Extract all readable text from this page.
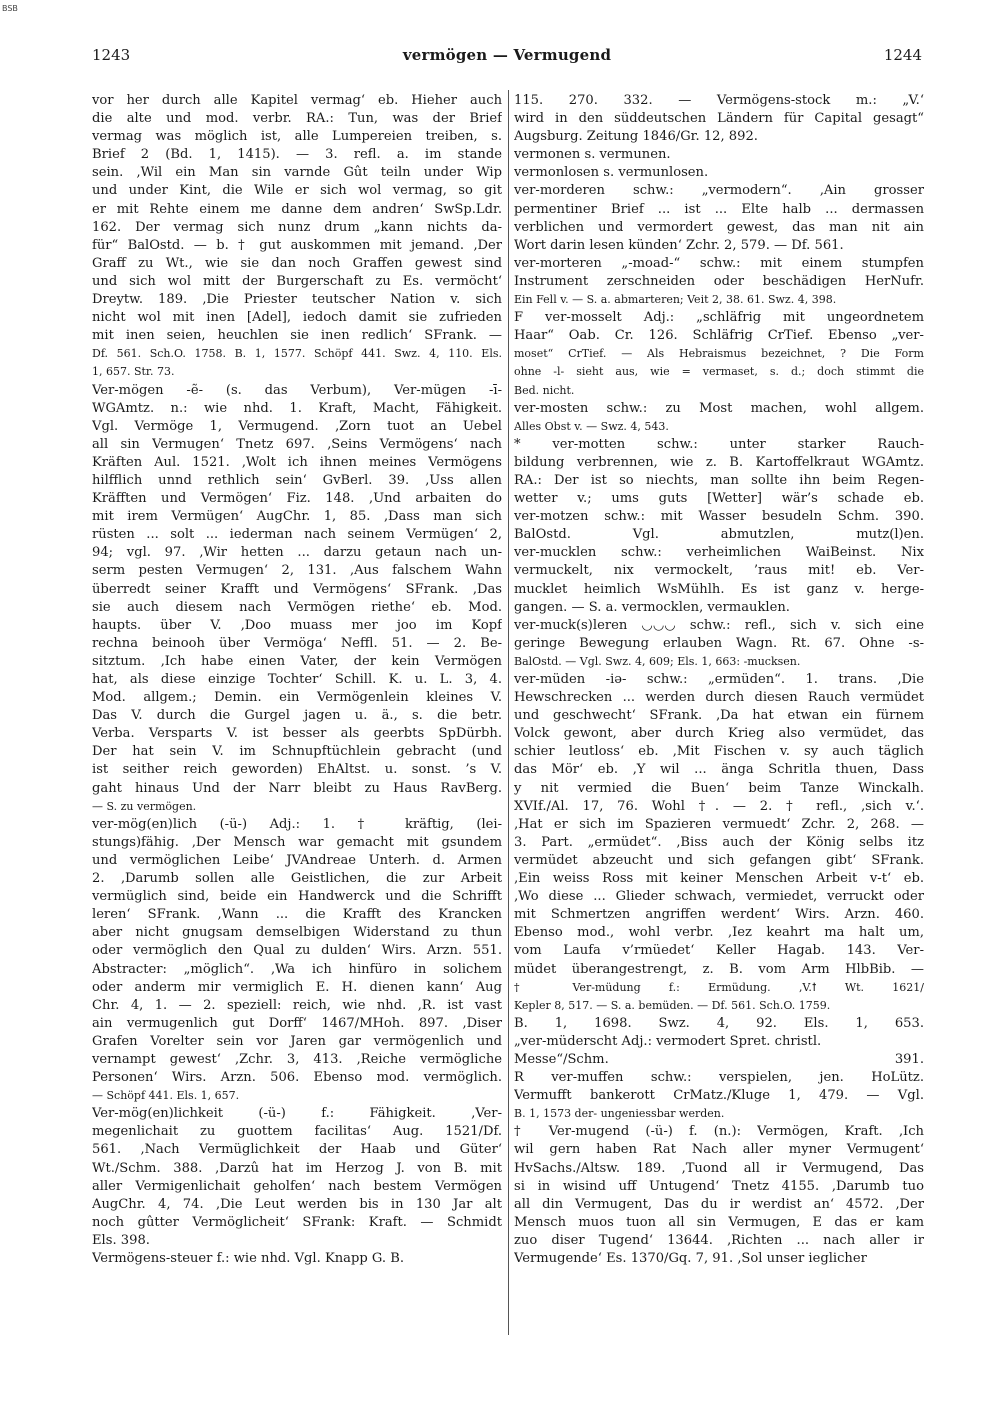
BSB
1243	vermögen — Vermugend	1244
vor her durch alle Kapitel vermag‘ eb. Hieher auch
die alte und mod. verbr. RA.: Tun, was der Brief
vermag was möglich ist, alle Lumpereien treiben, s.
Brief 2 (Bd. 1, 1415). — 3. refl. a. im stande
sein. ‚Wil ein Man sin varnde Gût teiln under Wip
und under Kint, die Wile er sich wol vermag, so git
er mit Rehte einem me danne dem andren‘ SwSp.Ldr.
162. Der vermag sich nunz drum „kann nichts da-
für“ BalOstd. — b. † gut auskommen mit jemand. ‚Der
Graff zu Wt., wie sie dan noch Graffen gewest sind
und sich wol mitt der Burgerschaft zu Es. vermöcht‘
Dreytw. 189. ‚Die Priester teutscher Nation v. sich
nicht wol mit inen [Adel], iedoch damit sie zufrieden
mit inen seien, heuchlen sie inen redlich‘ SFrank. —
Df. 561. Sch.O. 1758. B. 1, 1577. Schöpf 441. Swz. 4, 110. Els.
1, 657. Str. 73.
Ver-mögen -ẽ- (s. das Verbum), Ver-mügen -ī-
WGAmtz. n.: wie nhd. 1. Kraft, Macht, Fähigkeit.
Vgl. Vermöge 1, Vermugend. ‚Zorn tuot an Uebel
all sin Vermugen‘ Tnetz 697. ‚Seins Vermögens‘ nach
Kräften Aul. 1521. ‚Wolt ich ihnen meines Vermögens
hilfflich unnd rethlich sein‘ GvBerl. 39. ‚Uss allen
Kräfften und Vermögen‘ Fiz. 148. ‚Und arbaiten do
mit irem Vermügen‘ AugChr. 1, 85. ‚Dass man sich
rüsten ... solt ... iederman nach seinem Vermügen‘ 2,
94; vgl. 97. ‚Wir hetten ... darzu getaun nach un-
serm pesten Vermugen‘ 2, 131. ‚Aus falschem Wahn
überredt seiner Krafft und Vermögens‘ SFrank. ‚Das
sie auch diesem nach Vermögen riethe‘ eb. Mod.
haupts. über V. ‚Doo muass mer joo im Kopf
rechna beinooh über Vermöga‘ Neffl. 51. — 2. Be-
sitztum. ‚Ich habe einen Vater, der kein Vermögen
hat, als diese einzige Tochter‘ Schill. K. u. L. 3, 4.
Mod. allgem.; Demin. ein Vermögenlein kleines V.
Das V. durch die Gurgel jagen u. ä., s. die betr.
Verba. Versparts V. ist besser als geerbts SpDürbh.
Der hat sein V. im Schnupftüchlein gebracht (und
ist seither reich geworden) EhAltst. u. sonst. ’s V.
gaht hinaus Und der Narr bleibt zu Haus RavBerg.
— S. zu vermögen.
ver-mög(en)lich (-ü-) Adj.: 1. † kräftig, (lei-
stungs)fähig. ‚Der Mensch war gemacht mit gsundem
und vermöglichen Leibe‘ JVAndreae Unterh. d. Armen
2. ‚Darumb sollen alle Geistlichen, die zur Arbeit
vermüglich sind, beide ein Handwerck und die Schrifft
leren‘ SFrank. ‚Wann ... die Krafft des Krancken
aber nicht gnugsam demselbigen Widerstand zu thun
oder vermöglich den Qual zu dulden‘ Wirs. Arzn. 551.
Abstracter: „möglich“. ‚Wa ich hinfüro in solichem
oder anderm mir vermiglich E. H. dienen kann‘ Aug
Chr. 4, 1. — 2. speziell: reich, wie nhd. ‚R. ist vast
ain vermugenlich gut Dorff‘ 1467/MHoh. 897. ‚Diser
Grafen Vorelter sein vor Jaren gar vermögenlich und
vernampt gewest‘ ‚Zchr. 3, 413. ‚Reiche vermögliche
Personen‘ Wirs. Arzn. 506. Ebenso mod. vermöglich.
— Schöpf 441. Els. 1, 657.
Ver-mög(en)lichkeit (-ü-) f.: Fähigkeit. ‚Ver-
megenlichait zu guottem facilitas‘ Aug. 1521/Df.
561. ‚Nach Vermüglichkeit der Haab und Güter‘
Wt./Schm. 388. ‚Darzû hat im Herzog J. von B. mit
aller Vermigenlichait geholfen‘ nach bestem Vermögen
AugChr. 4, 74. ‚Die Leut werden bis in 130 Jar alt
noch gûtter Vermöglicheit‘ SFrank: Kraft. — Schmidt
Els. 398.
Vermögens-steuer f.: wie nhd. Vgl. Knapp G. B.
115. 270. 332. — Vermögens-stock m.: „V.‘
wird in den süddeutschen Ländern für Capital gesagt“
Augsburg. Zeitung 1846/Gr. 12, 892.
vermonen s. vermunen.
vermonlosen s. vermunlosen.
ver-morderen schw.: „vermodern“. ‚Ain grosser
permentiner Brief ... ist ... Elte halb ... dermassen
verblichen und vermordert gewest, das man nit ain
Wort darin lesen künden‘ Zchr. 2, 579. — Df. 561.
ver-morteren „-moad-“ schw.: mit einem stumpfen
Instrument zerschneiden oder beschädigen HerNufr.
Ein Fell v. — S. a. abmarteren; Veit 2, 38. 61. Swz. 4, 398.
F ver-mosselt Adj.: „schläfrig mit ungeordnetem
Haar“ Oab. Cr. 126. Schläfrig CrTief. Ebenso „ver-
moset“ CrTief. — Als Hebraismus bezeichnet, ? Die Form
ohne -l- sieht aus, wie = vermaset, s. d.; doch stimmt die
Bed. nicht.
ver-mosten schw.: zu Most machen, wohl allgem.
Alles Obst v. — Swz. 4, 543.
* ver-motten schw.: unter starker Rauch-
bildung verbrennen, wie z. B. Kartoffelkraut WGAmtz.
RA.: Der ist so niechts, man sollte ihn beim Regen-
wetter v.; ums guts [Wetter] wär’s schade eb.
ver-motzen schw.: mit Wasser besudeln Schm. 390.
BalOstd. Vgl. abmutzlen, mutz(l)en.
ver-mucklen schw.: verheimlichen WaiBeinst. Nix
vermuckelt, nix vermockelt, ’raus mit! eb. Ver-
mucklet heimlich WsMühlh. Es ist ganz v. herge-
gangen. — S. a. vermocklen, vermauklen.
ver-muck(s)leren ◡◡◡ schw.: refl., sich v. sich eine
geringe Bewegung erlauben Wagn. Rt. 67. Ohne -s-
BalOstd. — Vgl. Swz. 4, 609; Els. 1, 663: -mucksen.
ver-müden -iə- schw.: „ermüden“. 1. trans. ‚Die
Hewschrecken ... werden durch diesen Rauch vermüdet
und geschwecht‘ SFrank. ‚Da hat etwan ein fürnem
Volck gewont, aber durch Krieg also vermüdet, das
schier leutloss‘ eb. ‚Mit Fischen v. sy auch täglich
das Mör‘ eb. ‚Y wil ... änga Schritla thuen, Dass
y nit vermied die Buen‘ beim Tanze Winckalh.
XVIf./Al. 17, 76. Wohl †. — 2. † refl., ‚sich v.‘.
‚Hat er sich im Spazieren vermuedt‘ Zchr. 2, 268. —
3. Part. „ermüdet“. ‚Biss auch der König selbs itz
vermüdet abzeucht und sich gefangen gibt‘ SFrank.
‚Ein weiss Ross mit keiner Menschen Arbeit v-t‘ eb.
‚Wo diese ... Glieder schwach, vermiedet, verruckt oder
mit Schmertzen angriffen werdent‘ Wirs. Arzn. 460.
Ebenso mod., wohl verbr. ‚Iez keahrt ma halt um,
vom Laufa v’rmüedet‘ Keller Hagab. 143. Ver-
müdet überangestrengt, z. B. vom Arm HlbBib. —
† Ver-müdung f.: Ermüdung. ‚V.ꝉ Wt. 1621/
Kepler 8, 517. — S. a. bemüden. — Df. 561. Sch.O. 1759.
B. 1, 1698. Swz. 4, 92. Els. 1, 653.
„ver-müderscht Adj.: vermodert Spret. christl.
Messe“/Schm. 391.
R ver-muffen schw.: verspielen, jen. HoLütz.
Vermufft bankerott CrMatz./Kluge 1, 479. — Vgl.
B. 1, 1573 der- ungeniessbar werden.
† Ver-mugend (-ü-) f. (n.): Vermögen, Kraft. ‚Ich
wil gern haben Rat Nach aller myner Vermugent‘
HvSachs./Altsw. 189. ‚Tuond all ir Vermugend, Das
si in wisind uff Untugend‘ Tnetz 4155. ‚Darumb tuo
all din Vermugent, Das du ir werdist an‘ 4572. ‚Der
Mensch muos tuon all sin Vermugen, E das er kam
zuo diser Tugend‘ 13644. ‚Richten ... nach aller ir
Vermugende‘ Es. 1370/Gq. 7, 91. ‚Sol unser ieglicher
